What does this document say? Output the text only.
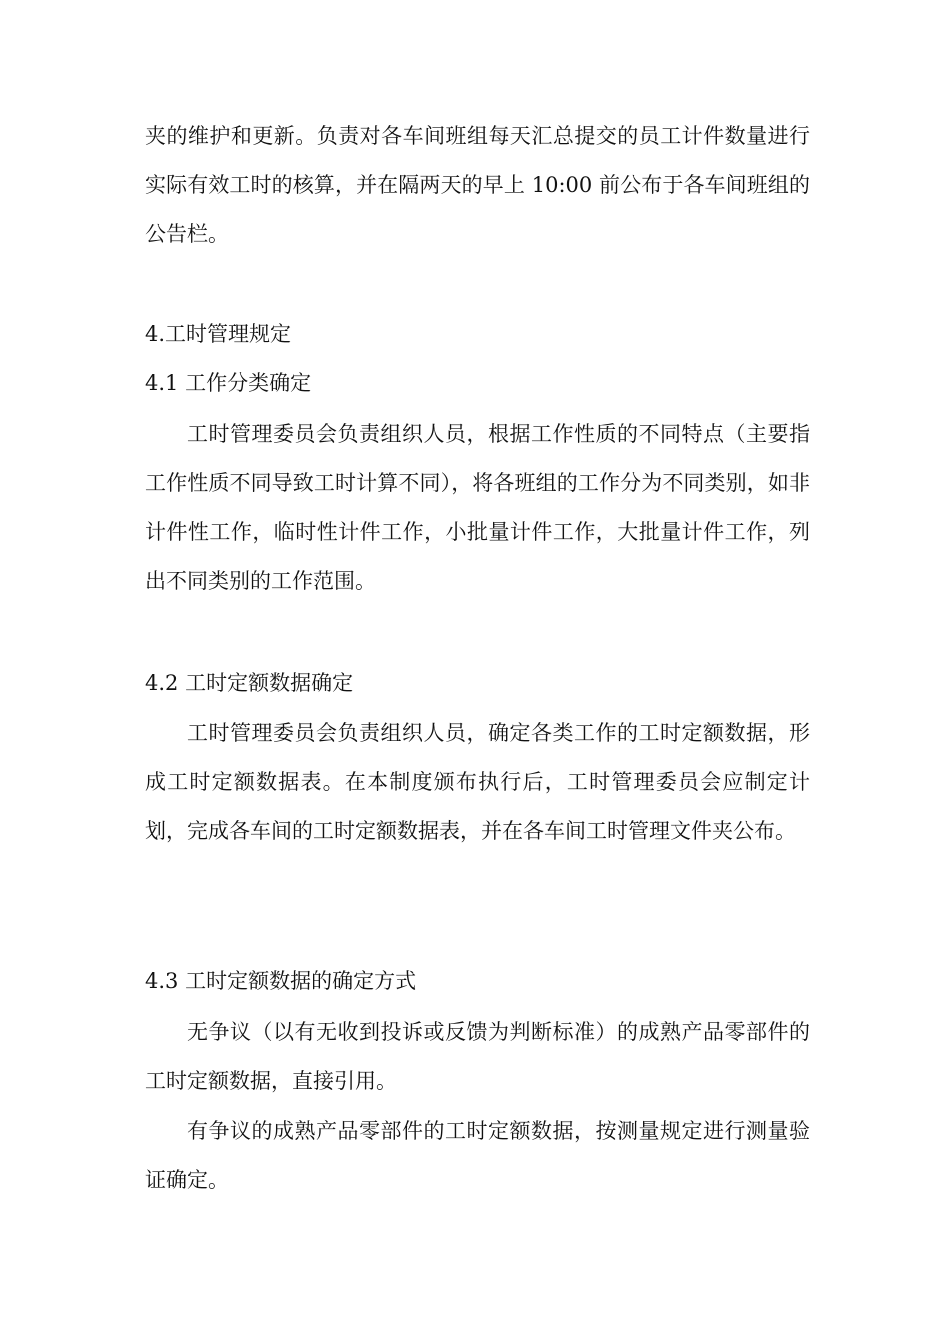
夹的维护和更新。负责对各车间班组每天汇总提交的员工计件数量进行实际有效工时的核算，并在隔两天的早上 10:00 前公布于各车间班组的公告栏。

4.工时管理规定

4.1 工作分类确定

工时管理委员会负责组织人员，根据工作性质的不同特点（主要指工作性质不同导致工时计算不同），将各班组的工作分为不同类别，如非计件性工作，临时性计件工作，小批量计件工作，大批量计件工作，列出不同类别的工作范围。

4.2 工时定额数据确定

工时管理委员会负责组织人员，确定各类工作的工时定额数据，形成工时定额数据表。在本制度颁布执行后，工时管理委员会应制定计划，完成各车间的工时定额数据表，并在各车间工时管理文件夹公布。

4.3 工时定额数据的确定方式

无争议（以有无收到投诉或反馈为判断标准）的成熟产品零部件的工时定额数据，直接引用。

有争议的成熟产品零部件的工时定额数据，按测量规定进行测量验证确定。
